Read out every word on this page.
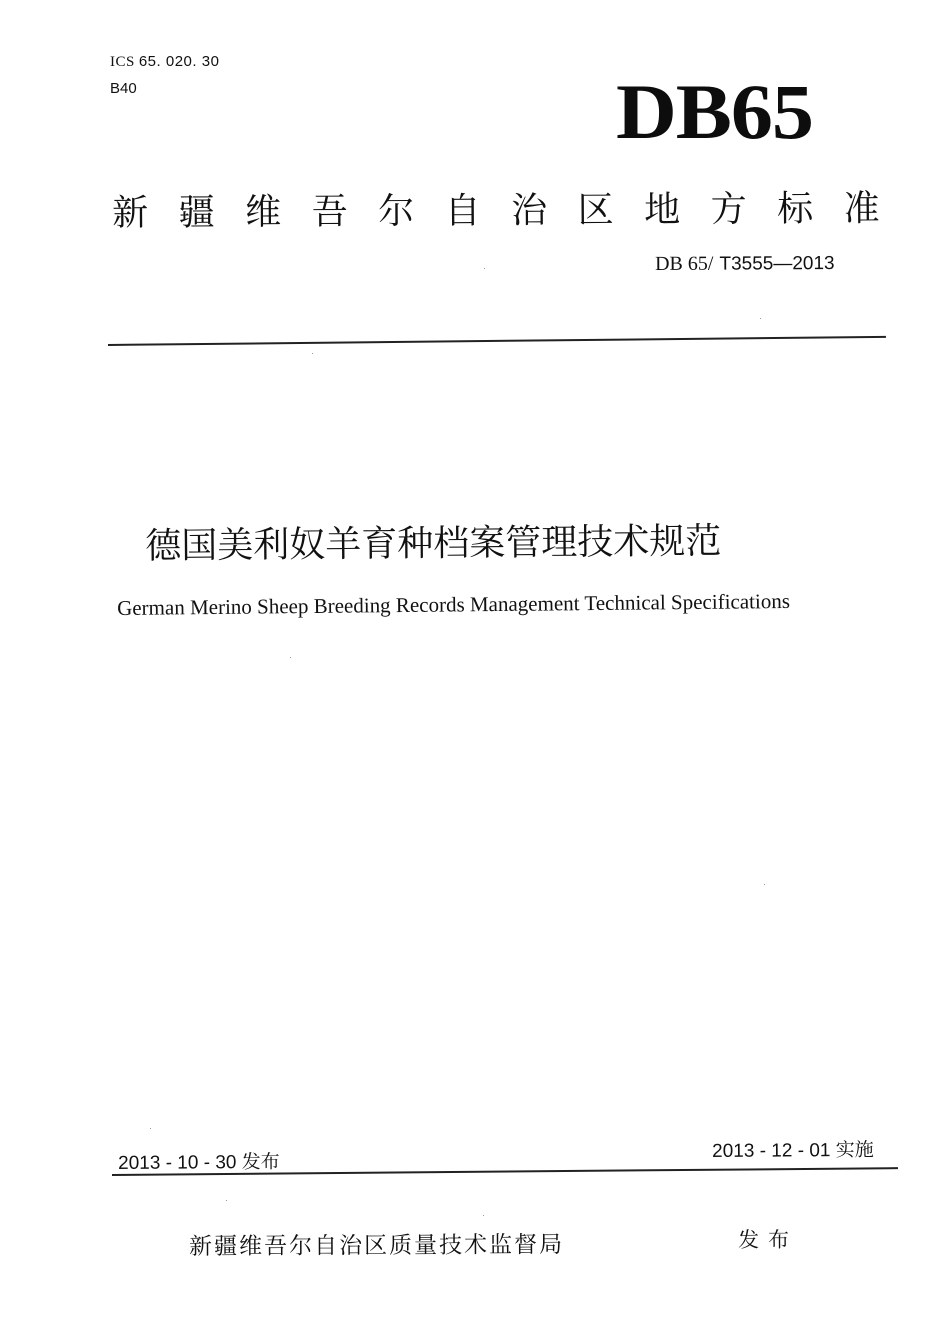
ICS 65. 020. 30
B40	DB65
新疆维吾尔自治区地方标准
DB 65/ T3555—2013
德国美利奴羊育种档案管理技术规范
German Merino Sheep Breeding Records Management Technical Specifications
2013 - 10 - 30 发布	2013 - 12 - 01 实施
新疆维吾尔自治区质量技术监督局	发布
